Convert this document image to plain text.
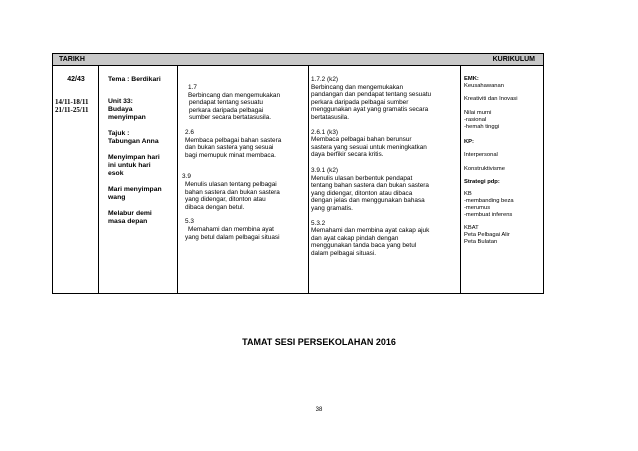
TARIKH	KURIKULUM
42/43
14/11-18/11
21/11-25/11
Tema : Berdikari
Unit 33:
Budaya
menyimpan
Tajuk :
Tabungan Anna
Menyimpan hari
ini untuk hari
esok
Mari menyimpan
wang
Melabur demi
masa depan
1.7
Berbincang dan mengemukakan
pendapat tentang sesuatu
perkara daripada pelbagai
sumber secara bertatasusila.
2.6
Membaca pelbagai bahan sastera
dan bukan sastera yang sesuai
bagi memupuk minat membaca.
3.9
Menulis ulasan tentang pelbagai
bahan sastera dan bukan sastera
yang didengar, ditonton atau
dibaca dengan betul.
5.3
Memahami dan membina ayat
yang betul dalam pelbagai situasi
1.7.2 (k2)
Berbincang dan mengemukakan
pandangan dan pendapat tentang sesuatu
perkara daripada pelbagai sumber
menggunakan ayat yang gramatis secara
bertatasusila.
2.6.1 (k3)
Membaca pelbagai bahan berunsur
sastera yang sesuai untuk meningkatkan
daya berfikir secara kritis.
3.9.1 (k2)
Menulis ulasan berbentuk pendapat
tentang bahan sastera dan bukan sastera
yang didengar, ditonton atau dibaca
dengan jelas dan menggunakan bahasa
yang gramatis.
5.3.2
Memahami dan membina ayat cakap ajuk
dan ayat cakap pindah dengan
menggunakan tanda baca yang betul
dalam pelbagai situasi.
EMK:
Keusahawanan

Kreativiti dan Inovasi

Nilai murni
-rasional
-hemah tinggi
KP:
Interpersonal

Konstruktivisme
Strategi pdp:
KB
-membanding beza
-merumus
-membuat inferens

KBAT
Peta Pelbagai Alir
Peta Bulatan
TAMAT SESI PERSEKOLAHAN 2016
38
